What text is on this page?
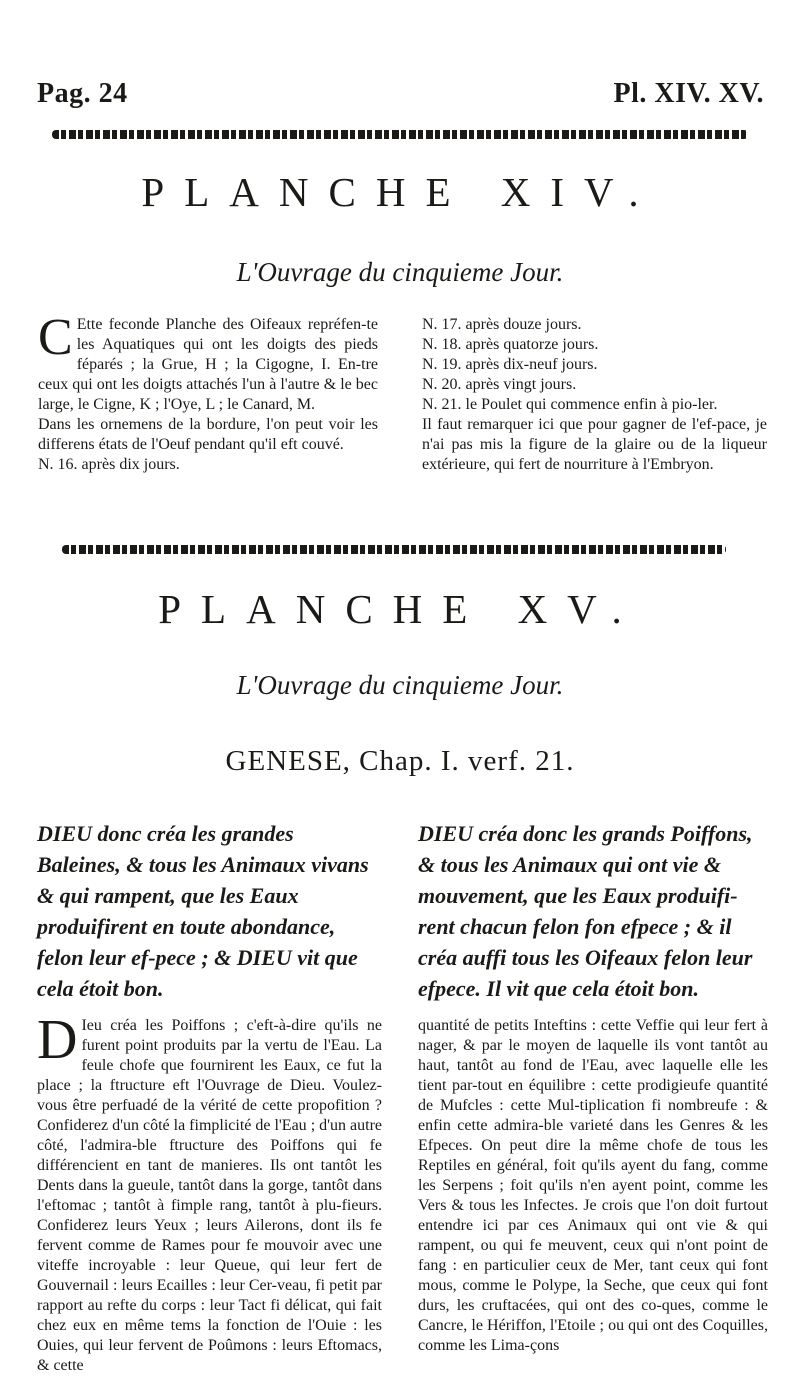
Pag. 24	Pl. XIV. XV.
PLANCHE XIV.
L'Ouvrage du cinquieme Jour.

C Ette feconde Planche des Oifeaux repréfen-te les Aquatiques qui ont les doigts des pieds féparés ; la Grue, H ; la Cigogne, I. En-tre ceux qui ont les doigts attachés l'un à l'autre & le bec large, le Cigne, K ; l'Oye, L ; le Canard, M.

Dans les ornemens de la bordure, l'on peut voir les differens états de l'Oeuf pendant qu'il eft couvé.

N. 16. après dix jours.

N. 17. après douze jours.

N. 18. après quatorze jours.

N. 19. après dix-neuf jours.

N. 20. après vingt jours.

N. 21. le Poulet qui commence enfin à pio-ler.

Il faut remarquer ici que pour gagner de l'ef-pace, je n'ai pas mis la figure de la glaire ou de la liqueur extérieure, qui fert de nourriture à l'Embryon.

PLANCHE XV.
L'Ouvrage du cinquieme Jour.
GENESE, Chap. I. verf. 21.
DIEU donc créa les grandes Baleines, & tous les Animaux vivans & qui rampent, que les Eaux produifirent en toute abondance, felon leur ef-pece ; & DIEU vit que cela étoit bon.
DIEU créa donc les grands Poiffons, & tous les Animaux qui ont vie & mouvement, que les Eaux produifi-rent chacun felon fon efpece ; & il créa auffi tous les Oifeaux felon leur efpece. Il vit que cela étoit bon.

D Ieu créa les Poiffons ; c'eft-à-dire qu'ils ne furent point produits par la vertu de l'Eau. La feule chofe que fournirent les Eaux, ce fut la place ; la ftructure eft l'Ouvrage de Dieu. Voulez-vous être perfuadé de la vérité de cette propofition ? Confiderez d'un côté la fimplicité de l'Eau ; d'un autre côté, l'admira-ble ftructure des Poiffons qui fe différencient en tant de manieres. Ils ont tantôt les Dents dans la gueule, tantôt dans la gorge, tantôt dans l'eftomac ; tantôt à fimple rang, tantôt à plu-fieurs. Confiderez leurs Yeux ; leurs Ailerons, dont ils fe fervent comme de Rames pour fe mouvoir avec une viteffe incroyable : leur Queue, qui leur fert de Gouvernail : leurs Ecailles : leur Cer-veau, fi petit par rapport au refte du corps : leur Tact fi délicat, qui fait chez eux en même tems la fonction de l'Ouie : les Ouies, qui leur fervent de Poûmons : leurs Eftomacs, & cette

quantité de petits Inteftins : cette Veffie qui leur fert à nager, & par le moyen de laquelle ils vont tantôt au haut, tantôt au fond de l'Eau, avec laquelle elle les tient par-tout en équilibre : cette prodigieufe quantité de Mufcles : cette Mul-tiplication fi nombreufe : & enfin cette admira-ble varieté dans les Genres & les Efpeces. On peut dire la même chofe de tous les Reptiles en général, foit qu'ils ayent du fang, comme les Serpens ; foit qu'ils n'en ayent point, comme les Vers & tous les Infectes. Je crois que l'on doit furtout entendre ici par ces Animaux qui ont vie & qui rampent, ou qui fe meuvent, ceux qui n'ont point de fang : en particulier ceux de Mer, tant ceux qui font mous, comme le Polype, la Seche, que ceux qui font durs, les cruftacées, qui ont des co-ques, comme le Cancre, le Hériffon, l'Etoile ; ou qui ont des Coquilles, comme les Lima-çons
